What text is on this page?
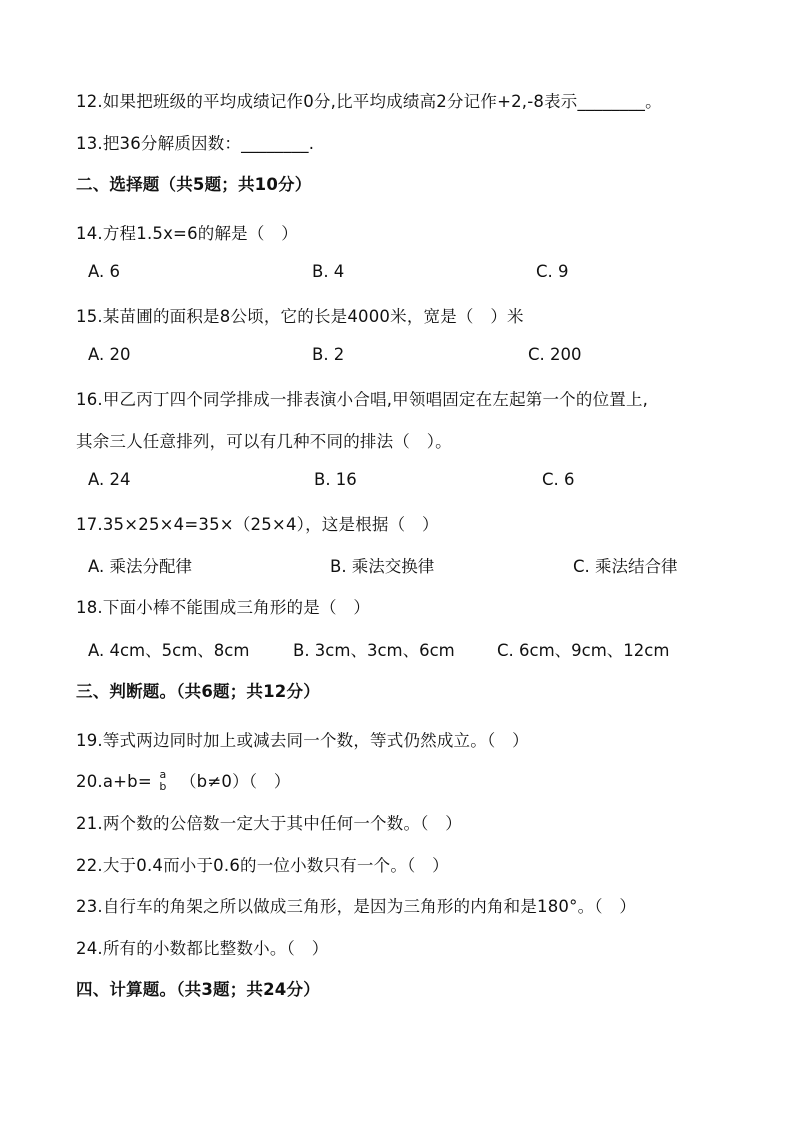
12.如果把班级的平均成绩记作0分,比平均成绩高2分记作+2,-8表示________。
13.把36分解质因数：________.
二、选择题（共5题；共10分）
14.方程1.5x=6的解是（　）
A. 6	B. 4	C. 9
15.某苗圃的面积是8公顷，它的长是4000米，宽是（　）米
A. 20	B. 2	C. 200
16.甲乙丙丁四个同学排成一排表演小合唱,甲领唱固定在左起第一个的位置上,
其余三人任意排列，可以有几种不同的排法（　）。
A. 24	B. 16	C. 6
17.35×25×4=35×（25×4），这是根据（　）
A. 乘法分配律	B. 乘法交换律	C. 乘法结合律
18.下面小棒不能围成三角形的是（　）
A. 4cm、5cm、8cm	B. 3cm、3cm、6cm	C. 6cm、9cm、12cm
三、判断题。（共6题；共12分）
19.等式两边同时加上或减去同一个数，等式仍然成立。（　）
20.a+b= a
b （b≠0）（　）
21.两个数的公倍数一定大于其中任何一个数。（　）
22.大于0.4而小于0.6的一位小数只有一个。（　）
23.自行车的角架之所以做成三角形，是因为三角形的内角和是180°。（　）
24.所有的小数都比整数小。（　）
四、计算题。（共3题；共24分）
